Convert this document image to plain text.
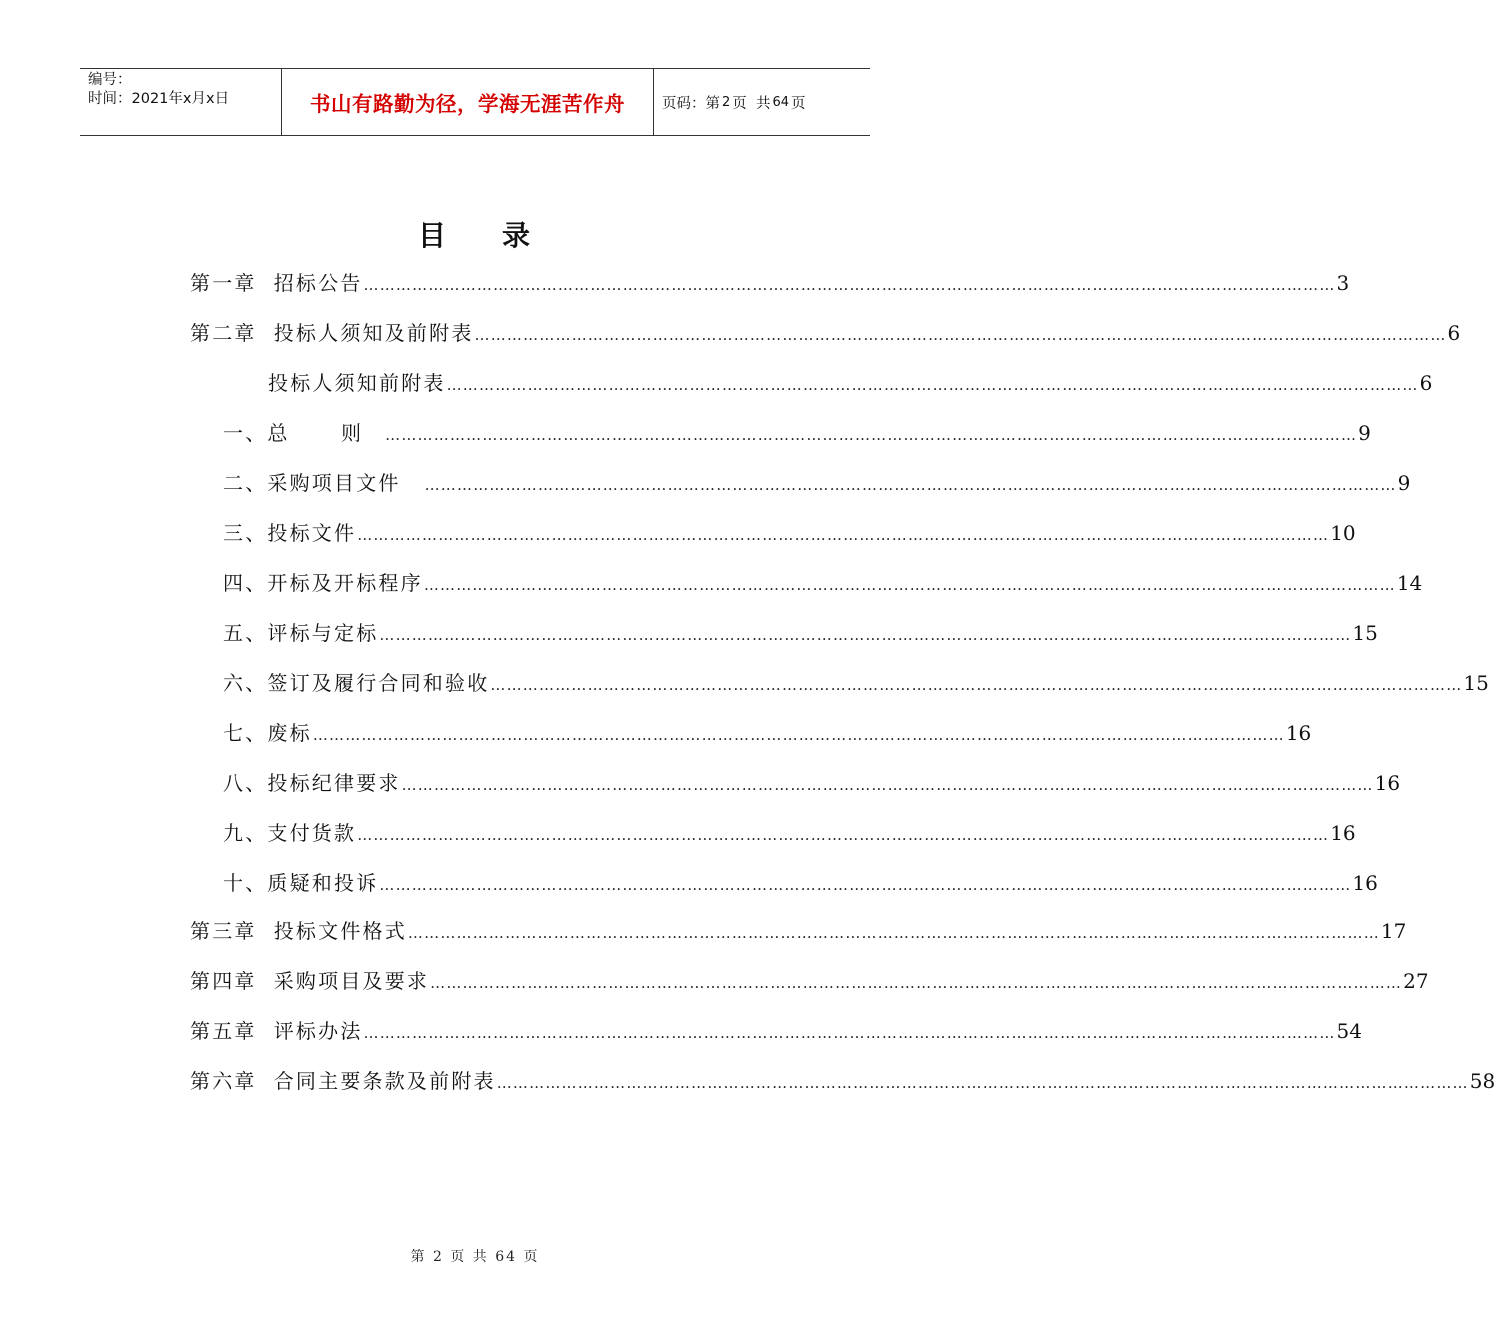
编号：
时间：2021年x月x日	书山有路勤为径，学海无涯苦作舟	页码：第 2 页  共 64 页
目 录
第一章  招标公告 ……………………………………………………………………………………………………………………………………………………………… 3
第二章  投标人须知及前附表 ……………………………………………………………………………………………………………………………………………………………… 6
投标人须知前附表 ……………………………………………………………………………………………………………………………………………………………… 6
一、总      则 ……………………………………………………………………………………………………………………………………………………………… 9
二、采购项目文件 ……………………………………………………………………………………………………………………………………………………………… 9
三、投标文件 ……………………………………………………………………………………………………………………………………………………………… 10
四、开标及开标程序 ……………………………………………………………………………………………………………………………………………………………… 14
五、评标与定标 ……………………………………………………………………………………………………………………………………………………………… 15
六、签订及履行合同和验收 ……………………………………………………………………………………………………………………………………………………………… 15
七、废标 ……………………………………………………………………………………………………………………………………………………………… 16
八、投标纪律要求 ……………………………………………………………………………………………………………………………………………………………… 16
九、支付货款 ……………………………………………………………………………………………………………………………………………………………… 16
十、质疑和投诉 ……………………………………………………………………………………………………………………………………………………………… 16
第三章  投标文件格式 ……………………………………………………………………………………………………………………………………………………………… 17
第四章  采购项目及要求 ……………………………………………………………………………………………………………………………………………………………… 27
第五章  评标办法 ……………………………………………………………………………………………………………………………………………………………… 54
第六章  合同主要条款及前附表 ……………………………………………………………………………………………………………………………………………………………… 58
第 2 页 共 64 页
